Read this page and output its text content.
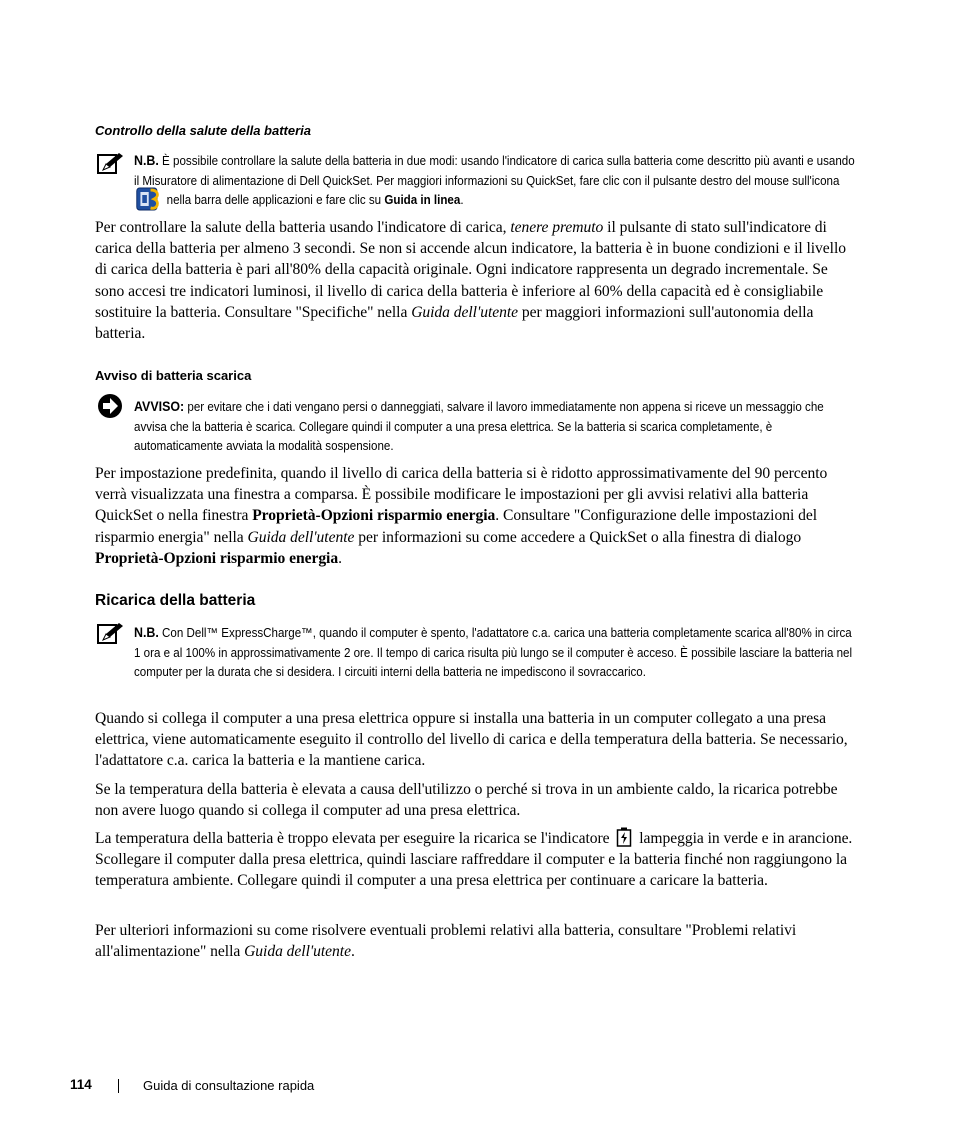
Controllo della salute della batteria
N.B. È possibile controllare la salute della batteria in due modi: usando l'indicatore di carica sulla batteria come descritto più avanti e usando il Misuratore di alimentazione di Dell QuickSet. Per maggiori informazioni su QuickSet, fare clic con il pulsante destro del mouse sull'icona  nella barra delle applicazioni e fare clic su Guida in linea.
Per controllare la salute della batteria usando l'indicatore di carica, tenere premuto il pulsante di stato sull'indicatore di carica della batteria per almeno 3 secondi. Se non si accende alcun indicatore, la batteria è in buone condizioni e il livello di carica della batteria è pari all'80% della capacità originale. Ogni indicatore rappresenta un degrado incrementale. Se sono accesi tre indicatori luminosi, il livello di carica della batteria è inferiore al 60% della capacità ed è consigliabile sostituire la batteria. Consultare "Specifiche" nella Guida dell'utente per maggiori informazioni sull'autonomia della batteria.
Avviso di batteria scarica
AVVISO: per evitare che i dati vengano persi o danneggiati, salvare il lavoro immediatamente non appena si riceve un messaggio che avvisa che la batteria è scarica. Collegare quindi il computer a una presa elettrica. Se la batteria si scarica completamente, è automaticamente avviata la modalità sospensione.
Per impostazione predefinita, quando il livello di carica della batteria si è ridotto approssimativamente del 90 percento verrà visualizzata una finestra a comparsa. È possibile modificare le impostazioni per gli avvisi relativi alla batteria QuickSet o nella finestra Proprietà-Opzioni risparmio energia. Consultare "Configurazione delle impostazioni del risparmio energia" nella Guida dell'utente per informazioni su come accedere a QuickSet o alla finestra di dialogo Proprietà-Opzioni risparmio energia.
Ricarica della batteria
N.B. Con Dell™ ExpressCharge™, quando il computer è spento, l'adattatore c.a. carica una batteria completamente scarica all'80% in circa 1 ora e al 100% in approssimativamente 2 ore. Il tempo di carica risulta più lungo se il computer è acceso. È possibile lasciare la batteria nel computer per la durata che si desidera. I circuiti interni della batteria ne impediscono il sovraccarico.
Quando si collega il computer a una presa elettrica oppure si installa una batteria in un computer collegato a una presa elettrica, viene automaticamente eseguito il controllo del livello di carica e della temperatura della batteria. Se necessario, l'adattatore c.a. carica la batteria e la mantiene carica.
Se la temperatura della batteria è elevata a causa dell'utilizzo o perché si trova in un ambiente caldo, la ricarica potrebbe non avere luogo quando si collega il computer ad una presa elettrica.
La temperatura della batteria è troppo elevata per eseguire la ricarica se l'indicatore lampeggia in verde e in arancione. Scollegare il computer dalla presa elettrica, quindi lasciare raffreddare il computer e la batteria finché non raggiungono la temperatura ambiente. Collegare quindi il computer a una presa elettrica per continuare a caricare la batteria.
Per ulteriori informazioni su come risolvere eventuali problemi relativi alla batteria, consultare "Problemi relativi all'alimentazione" nella Guida dell'utente.
114	Guida di consultazione rapida
